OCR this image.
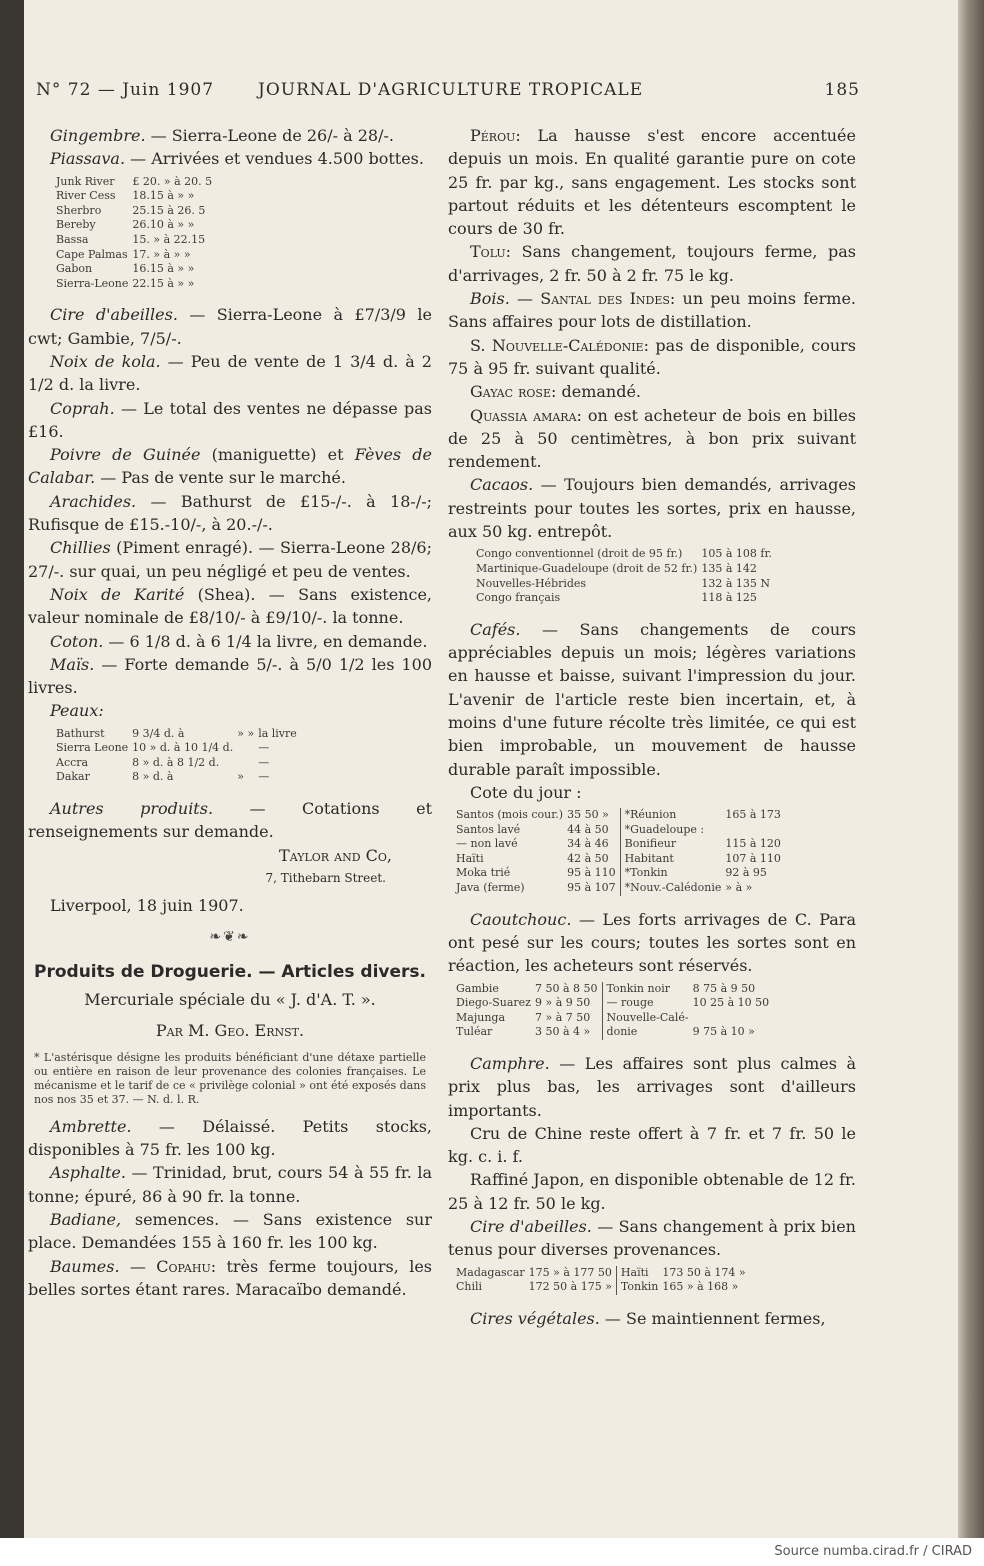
N° 72 — Juin 1907	JOURNAL D'AGRICULTURE TROPICALE	185

Gingembre. — Sierra-Leone de 26/- à 28/-.

Piassava. — Arrivées et vendues 4.500 bottes.

Junk River	£ 20. » à 20. 5
River Cess	18.15 à » »
Sherbro	25.15 à 26. 5
Bereby	26.10 à » »
Bassa	15. » à 22.15
Cape Palmas	17. » à » »
Gabon	16.15 à » »
Sierra-Leone	22.15 à » »

Cire d'abeilles. — Sierra-Leone à £7/3/9 le cwt; Gambie, 7/5/-.

Noix de kola. — Peu de vente de 1 3/4 d. à 2 1/2 d. la livre.

Coprah. — Le total des ventes ne dépasse pas £16.

Poivre de Guinée (maniguette) et Fèves de Calabar. — Pas de vente sur le marché.

Arachides. — Bathurst de £15-/-. à 18-/-; Rufisque de £15.-10/-, à 20.-/-.

Chillies (Piment enragé). — Sierra-Leone 28/6; 27/-. sur quai, un peu négligé et peu de ventes.

Noix de Karité (Shea). — Sans existence, valeur nominale de £8/10/- à £9/10/-. la tonne.

Coton. — 6 1/8 d. à 6 1/4 la livre, en demande.

Maïs. — Forte demande 5/-. à 5/0 1/2 les 100 livres.

Peaux:

Bathurst	9 3/4 d. à	» »	la livre
Sierra Leone	10 » d. à 10 1/4 d.		—
Accra	8 » d. à 8 1/2 d.		—
Dakar	8 » d. à	»	—

Autres produits. — Cotations et renseignements sur demande.

Taylor and Co,

7, Tithebarn Street.

Liverpool, 18 juin 1907.

❧❦❧

Produits de Droguerie. — Articles divers.

Mercuriale spéciale du « J. d'A. T. ».

Par M. Geo. Ernst.

* L'astérisque désigne les produits bénéficiant d'une détaxe partielle ou entière en raison de leur provenance des colonies françaises. Le mécanisme et le tarif de ce « privilège colonial » ont été exposés dans nos nos 35 et 37. — N. d. l. R.

Ambrette. — Délaissé. Petits stocks, disponibles à 75 fr. les 100 kg.

Asphalte. — Trinidad, brut, cours 54 à 55 fr. la tonne; épuré, 86 à 90 fr. la tonne.

Badiane, semences. — Sans existence sur place. Demandées 155 à 160 fr. les 100 kg.

Baumes. — Copahu: très ferme toujours, les belles sortes étant rares. Maracaïbo demandé.

Pérou: La hausse s'est encore accentuée depuis un mois. En qualité garantie pure on cote 25 fr. par kg., sans engagement. Les stocks sont partout réduits et les détenteurs escomptent le cours de 30 fr.

Tolu: Sans changement, toujours ferme, pas d'arrivages, 2 fr. 50 à 2 fr. 75 le kg.

Bois. — Santal des Indes: un peu moins ferme. Sans affaires pour lots de distillation.

S. Nouvelle-Calédonie: pas de disponible, cours 75 à 95 fr. suivant qualité.

Gayac rose: demandé.

Quassia amara: on est acheteur de bois en billes de 25 à 50 centimètres, à bon prix suivant rendement.

Cacaos. — Toujours bien demandés, arrivages restreints pour toutes les sortes, prix en hausse, aux 50 kg. entrepôt.

Congo conventionnel (droit de 95 fr.)	105 à 108 fr.
Martinique-Guadeloupe (droit de 52 fr.)	135 à 142
Nouvelles-Hébrides	132 à 135 N
Congo français	118 à 125

Cafés. — Sans changements de cours appréciables depuis un mois; légères variations en hausse et baisse, suivant l'impression du jour. L'avenir de l'article reste bien incertain, et, à moins d'une future récolte très limitée, ce qui est bien improbable, un mouvement de hausse durable paraît impossible.

Cote du jour :

Santos (mois cour.)	35 50 »	*Réunion	165 à 173
Santos lavé	44 à 50	*Guadeloupe :	
— non lavé	34 à 46	Bonifieur	115 à 120
Haïti	42 à 50	Habitant	107 à 110
Moka trié	95 à 110	*Tonkin	92 à 95
Java (ferme)	95 à 107	*Nouv.-Calédonie	» à »

Caoutchouc. — Les forts arrivages de C. Para ont pesé sur les cours; toutes les sortes sont en réaction, les acheteurs sont réservés.

Gambie	7 50 à 8 50	Tonkin noir	8 75 à 9 50
Diego-Suarez	9 » à 9 50	— rouge	10 25 à 10 50
Majunga	7 » à 7 50	Nouvelle-Calé-	
Tuléar	3 50 à 4 »	donie	9 75 à 10 »

Camphre. — Les affaires sont plus calmes à prix plus bas, les arrivages sont d'ailleurs importants.

Cru de Chine reste offert à 7 fr. et 7 fr. 50 le kg. c. i. f.

Raffiné Japon, en disponible obtenable de 12 fr. 25 à 12 fr. 50 le kg.

Cire d'abeilles. — Sans changement à prix bien tenus pour diverses provenances.

Madagascar	175 » à 177 50	Haïti	173 50 à 174 »
Chili	172 50 à 175 »	Tonkin	165 » à 168 »

Cires végétales. — Se maintiennent fermes,

Source numba.cirad.fr / CIRAD
